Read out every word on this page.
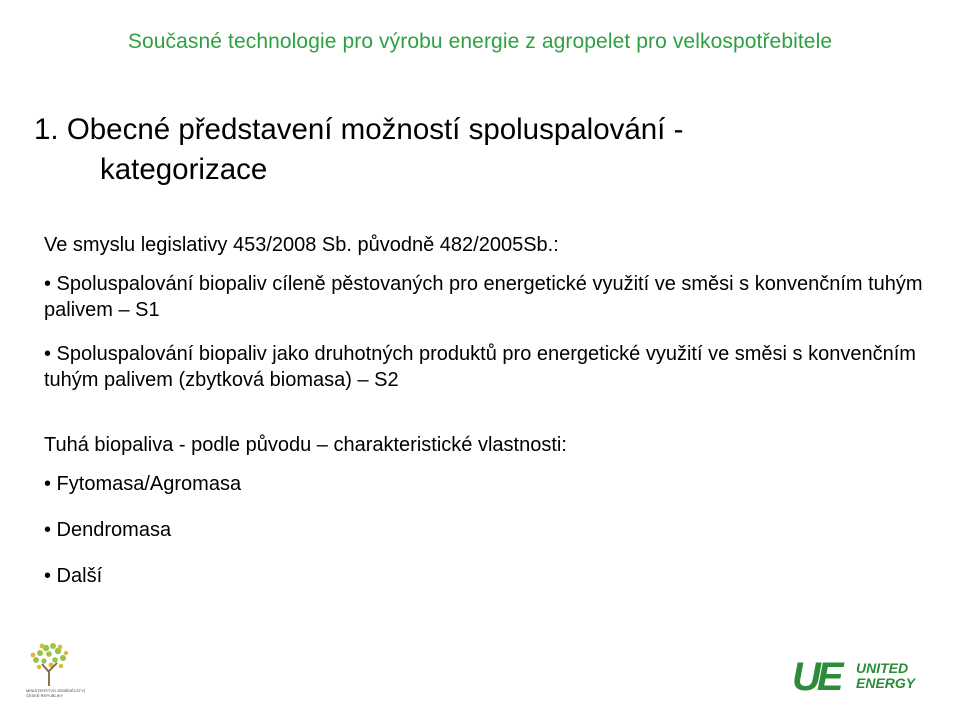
Současné technologie pro výrobu energie z agropelet pro velkospotřebitele
1. Obecné představení možností spoluspalování -
kategorizace

Ve smyslu legislativy 453/2008 Sb. původně 482/2005Sb.:

• Spoluspalování biopaliv cíleně pěstovaných pro energetické využití ve směsi s konvenčním tuhým palivem – S1

• Spoluspalování biopaliv jako druhotných produktů pro energetické využití ve směsi s konvenčním tuhým palivem (zbytková biomasa) – S2

Tuhá biopaliva - podle původu – charakteristické vlastnosti:

• Fytomasa/Agromasa

• Dendromasa

• Další

MINISTERSTVO ZEMĚDĚLSTVÍ ČESKÉ REPUBLIKY	UE UNITED
ENERGY
